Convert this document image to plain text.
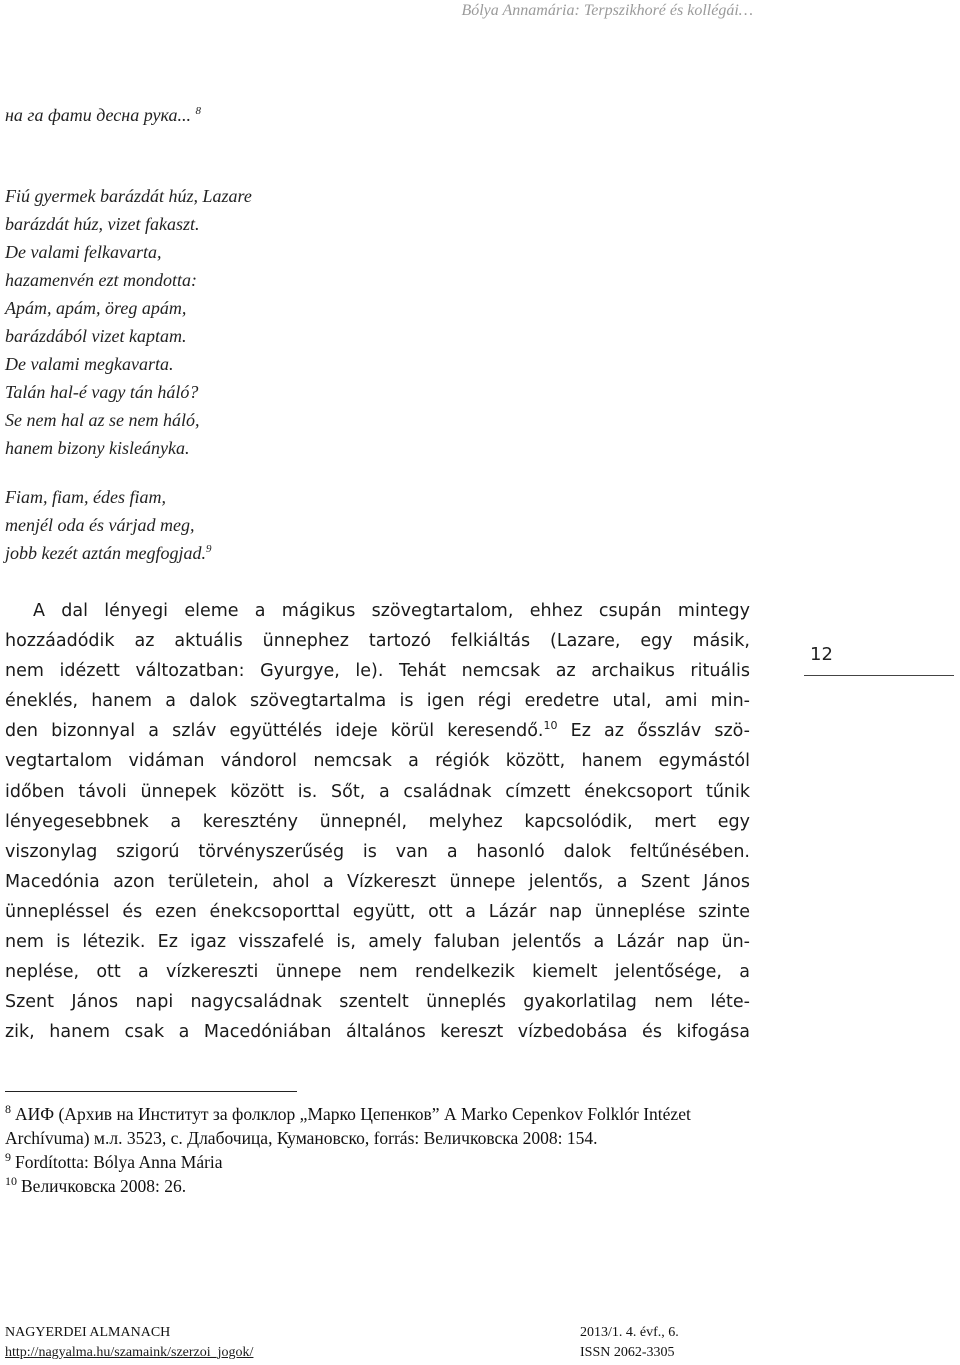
Bólya Annamária: Terpszikhoré és kollégái…
на га фати десна рука... $^8$
Fiú gyermek barázdát húz, Lazare
barázdát húz, vizet fakaszt.
De valami felkavarta,
hazamenvén ezt mondotta:
Apám, apám, öreg apám,
barázdából vizet kaptam.
De valami megkavarta.
Talán hal-é vagy tán háló?
Se nem hal az se nem háló,
hanem bizony kisleányka.
Fiam, fiam, édes fiam,
menjél oda és várjad meg,
jobb kezét aztán megfogjad.$^9$
A dal lényegi eleme a mágikus szövegtartalom, ehhez csupán mintegy
hozzáadódik az aktuális ünnephez tartozó felkiáltás (Lazare, egy másik,
nem idézett változatban: Gyurgye, le). Tehát nemcsak az archaikus rituális
éneklés, hanem a dalok szövegtartalma is igen régi eredetre utal, ami min-
den bizonnyal a szláv együttélés ideje körül keresendő.$^{10}$ Ez az ősszláv szö-
vegtartalom vidáman vándorol nemcsak a régiók között, hanem egymástól
időben távoli ünnepek között is. Sőt, a családnak címzett énekcsoport tűnik
lényegesebbnek a keresztény ünnepnél, melyhez kapcsolódik, mert egy
viszonylag szigorú törvényszerűség is van a hasonló dalok feltűnésében.
Macedónia azon területein, ahol a Vízkereszt ünnepe jelentős, a Szent János
ünnepléssel és ezen énekcsoporttal együtt, ott a Lázár nap ünneplése szinte
nem is létezik. Ez igaz visszafelé is, amely faluban jelentős a Lázár nap ün-
neplése, ott a vízkereszti ünnepe nem rendelkezik kiemelt jelentősége, a
Szent János napi nagycsaládnak szentelt ünneplés gyakorlatilag nem léte-
zik, hanem csak a Macedóniában általános kereszt vízbedobása és kifogása
12
$^8$ АИФ (Архив на Институт за фолклор „Марко Цепенков” А Marko Cepenkov Folklór Intézet Archívuma) м.л. 3523, с. Длабочица, Кумановско, forrás: Величковска 2008: 154.
$^9$ Fordította: Bólya Anna Mária
$^{10}$ Величковска 2008: 26.
NAGYERDEI ALMANACH
http://nagyalma.hu/szamaink/szerzoi_jogok/
2013/1. 4. évf., 6.
ISSN 2062-3305
